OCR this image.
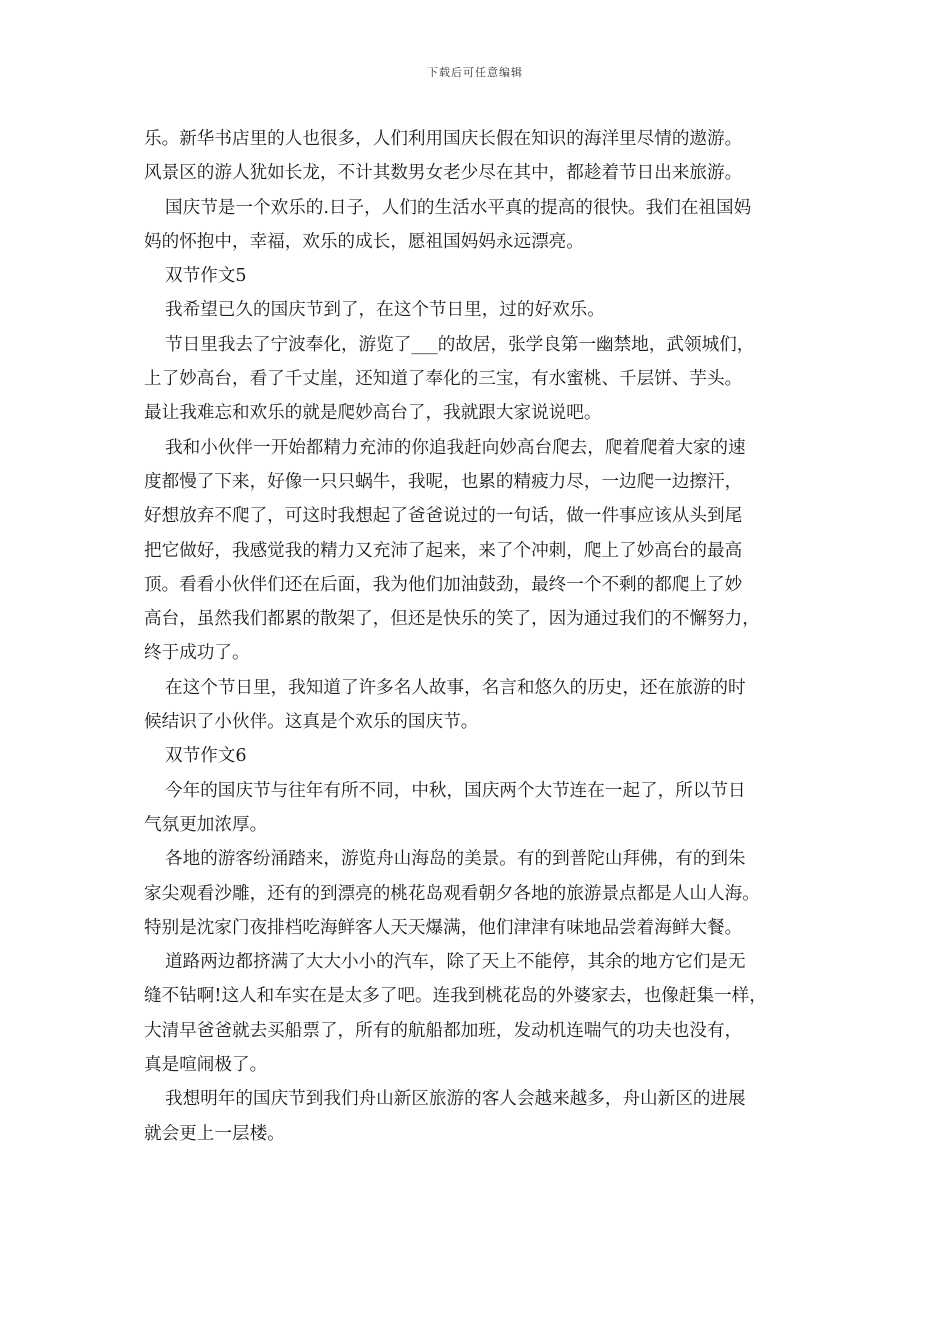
下载后可任意编辑
乐。新华书店里的人也很多，人们利用国庆长假在知识的海洋里尽情的遨游。
风景区的游人犹如长龙，不计其数男女老少尽在其中，都趁着节日出来旅游。
国庆节是一个欢乐的.日子，人们的生活水平真的提高的很快。我们在祖国妈
妈的怀抱中，幸福，欢乐的成长，愿祖国妈妈永远漂亮。
双节作文5
我希望已久的国庆节到了，在这个节日里，过的好欢乐。
节日里我去了宁波奉化，游览了___的故居，张学良第一幽禁地，武领城们，
上了妙高台，看了千丈崖，还知道了奉化的三宝，有水蜜桃、千层饼、芋头。
最让我难忘和欢乐的就是爬妙高台了，我就跟大家说说吧。
我和小伙伴一开始都精力充沛的你追我赶向妙高台爬去，爬着爬着大家的速
度都慢了下来，好像一只只蜗牛，我呢，也累的精疲力尽，一边爬一边擦汗，
好想放弃不爬了，可这时我想起了爸爸说过的一句话，做一件事应该从头到尾
把它做好，我感觉我的精力又充沛了起来，来了个冲刺，爬上了妙高台的最高
顶。看看小伙伴们还在后面，我为他们加油鼓劲，最终一个不剩的都爬上了妙
高台，虽然我们都累的散架了，但还是快乐的笑了，因为通过我们的不懈努力，
终于成功了。
在这个节日里，我知道了许多名人故事，名言和悠久的历史，还在旅游的时
候结识了小伙伴。这真是个欢乐的国庆节。
双节作文6
今年的国庆节与往年有所不同，中秋，国庆两个大节连在一起了，所以节日
气氛更加浓厚。
各地的游客纷涌踏来，游览舟山海岛的美景。有的到普陀山拜佛，有的到朱
家尖观看沙雕，还有的到漂亮的桃花岛观看朝夕各地的旅游景点都是人山人海。
特别是沈家门夜排档吃海鲜客人天天爆满，他们津津有味地品尝着海鲜大餐。
道路两边都挤满了大大小小的汽车，除了天上不能停，其余的地方它们是无
缝不钻啊!这人和车实在是太多了吧。连我到桃花岛的外婆家去，也像赶集一样，
大清早爸爸就去买船票了，所有的航船都加班，发动机连喘气的功夫也没有，
真是喧闹极了。
我想明年的国庆节到我们舟山新区旅游的客人会越来越多，舟山新区的进展
就会更上一层楼。
